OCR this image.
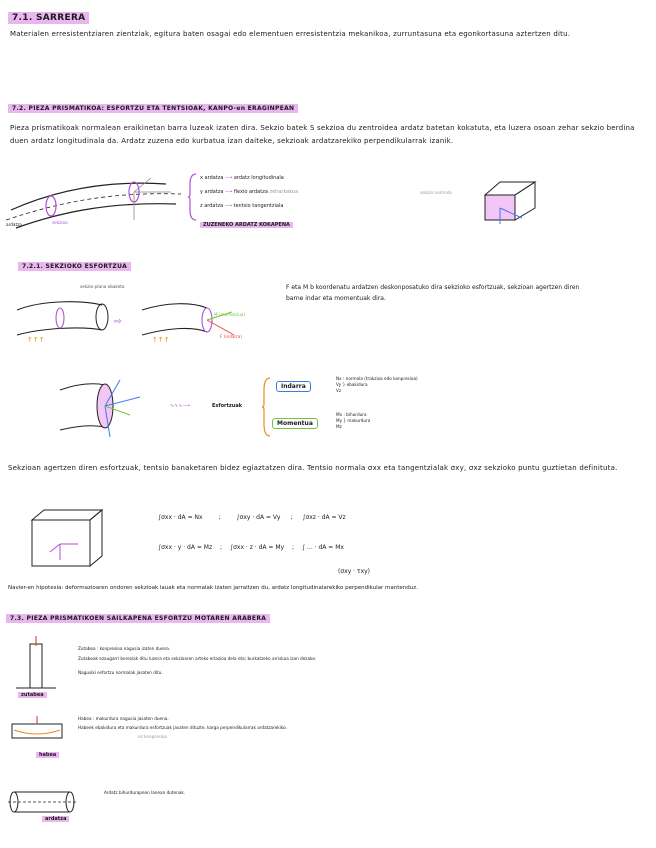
7.1. SARRERA
Materialen erresistentziaren zientziak, egitura baten osagai edo elementuen erresistentzia mekanikoa, zurruntasuna eta egonkortasuna aztertzen ditu.
7.2. PIEZA PRISMATIKOA: ESFORTZU ETA TENTSIOAK, KANPO-en ERAGINPEAN
Pieza prismatikoak normalean eraikinetan barra luzeak izaten dira. Sekzio batek S sekzioa du zentroidea ardatz batetan kokatuta, eta luzera osoan zehar sekzio berdina duen ardatz longitudinala da. Ardatz zuzena edo kurbatua izan daiteke, sekzioak ardatzarekiko perpendikularrak izanik.
ardatza	sekzioa
x ardatza ⟶ ardatz longitudinala
y ardatza ⟶ flexio ardatza zeharkakoa
z ardatza ⟶ tentsio tangentziala
ZUZENEKO ARDATZ KOKAPENA
sekzio normala
7.2.1. SEKZIOKO ESFORTZUA
↑↑↑
⇨
↑↑↑
sekzio-plano ebaketa
M (momentua)
F (indarra)
F eta M b koordenatu ardatzen deskonposatuko dira sekzioko esfortzuak, sekzioan agertzen diren barne indar eta momentuak dira.
∿∿∿⟶	Esfortzuak
Indarra
Momentua
Nx : normala (trakzioa edo konpresioa)
Vy } ebakidura
Vz
Mx : bihurdura
My } makurdura
Mz
Sekzioan agertzen diren esfortzuak, tentsio banaketaren bidez egiaztatzen dira. Tentsio normala σxx eta tangentzialak σxy, σxz sekzioko puntu guztietan definituta.
∫σxx · dA = Nx	;	∫σxy · dA = Vy ; ∫σxz · dA = Vz
∫σxx · y · dA = Mz ; ∫σxx · z · dA = My ; ∫ ... · dA = Mx
(σxy · τxy)
Navier-en hipotesia: deformazioaren ondoren sekzioak lauak eta normalak izaten jarraitzen du, ardatz longitudinalarekiko perpendikular mantenduz.
7.3. PIEZA PRISMATIKOEN SAILKAPENA ESFORTZU MOTAREN ARABERA
zutabea
Zutabea : konpresioa nagusia izaten duena.
Zutabeak ezaugarri bereziak ditu luzera eta sekzioaren arteko erlazioa dela eta; burkatzeko arriskua izan dezake.
Nagusiki esfortzu normalak jasaten ditu.
habea
Habea : makurdura nagusia jasaten duena.
Habeek ebakidura eta makurdura esfortzuak jasaten dituzte, karga perpendikularrak ardatzarekiko.
ez konpresioa
ardatza
Ardatz bihurdurapean lanean dutenak.
